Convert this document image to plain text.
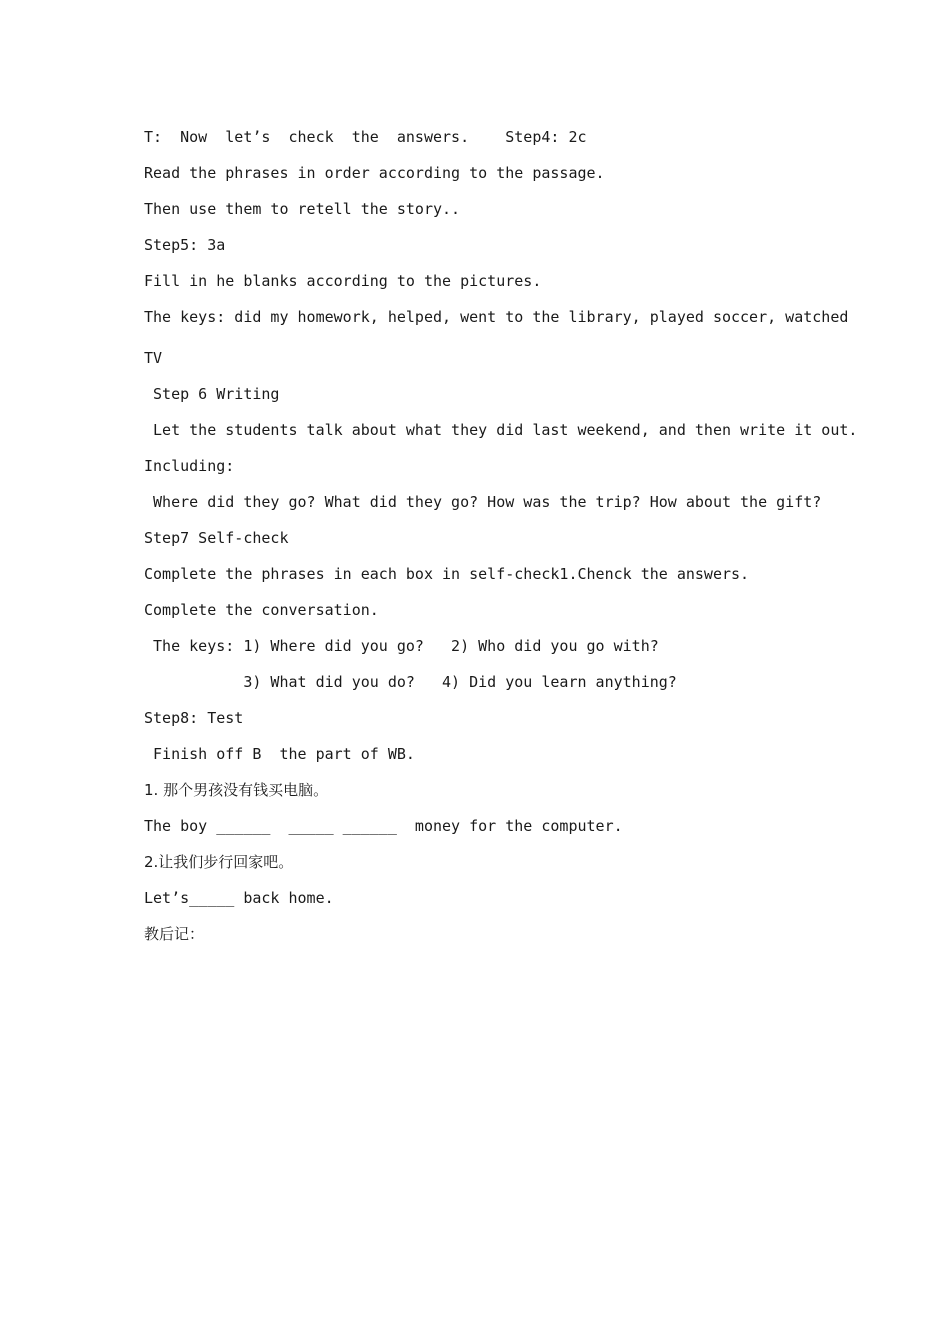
T:  Now  let’s  check  the  answers.    Step4: 2c
Read the phrases in order according to the passage.
Then use them to retell the story..
Step5: 3a
Fill in he blanks according to the pictures.
The keys: did my homework, helped, went to the library, played soccer, watched
TV
Step 6 Writing
Let the students talk about what they did last weekend, and then write it out.
Including:
Where did they go? What did they go? How was the trip? How about the gift?
Step7 Self-check
Complete the phrases in each box in self-check1.Chenck the answers.
Complete the conversation.
The keys: 1) Where did you go?   2) Who did you go with?
3) What did you do?   4) Did you learn anything?
Step8: Test
Finish off B  the part of WB.
1. 那个男孩没有钱买电脑。
The boy ______  _____ ______  money for the computer.
2.让我们步行回家吧。
Let’s_____ back home.
教后记：
